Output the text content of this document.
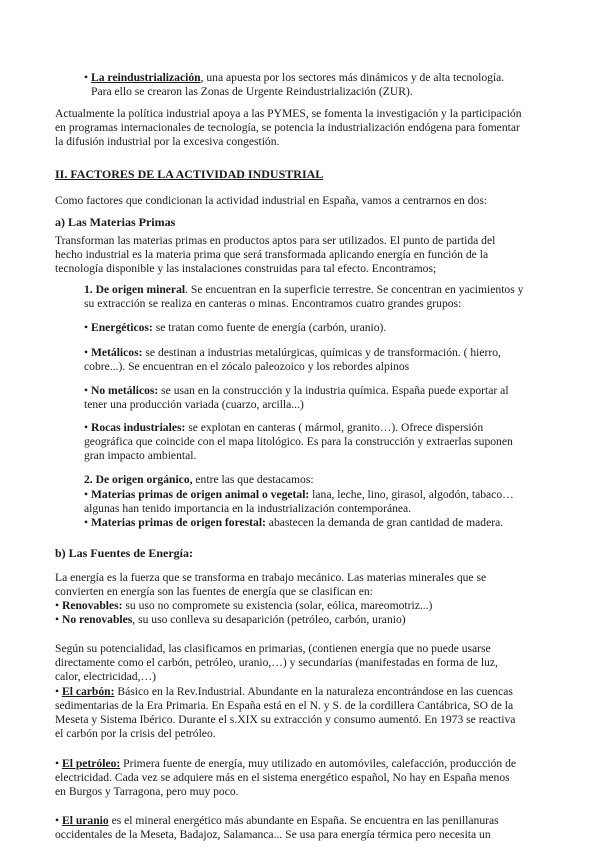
• La reindustrialización, una apuesta por los sectores más dinámicos y de alta tecnología.
Para ello se crearon las Zonas de Urgente Reindustrialización (ZUR).
Actualmente la política industrial apoya a las PYMES, se fomenta la investigación y la participación
en programas internacionales de tecnología, se potencia la industrialización endógena para fomentar
la difusión industrial por la excesiva congestión.
II. FACTORES DE LA ACTIVIDAD INDUSTRIAL
Como factores que condicionan la actividad industrial en España, vamos a centrarnos en dos:
a) Las Materias Primas
Transforman las materias primas en productos aptos para ser utilizados. El punto de partida del
hecho industrial es la materia prima que será transformada aplicando energía en función de la
tecnología disponible y las instalaciones construidas para tal efecto. Encontramos;
1. De origen mineral. Se encuentran en la superficie terrestre. Se concentran en yacimientos y
su extracción se realiza en canteras o minas. Encontramos cuatro grandes grupos:
• Energéticos: se tratan como fuente de energía (carbón, uranio).
• Metálicos: se destinan a industrias metalúrgicas, químicas y de transformación. ( hierro,
cobre...). Se encuentran en el zócalo paleozoico y los rebordes alpinos
• No metálicos: se usan en la construcción y la industria química. España puede exportar al
tener una producción variada (cuarzo, arcilla...)
• Rocas industriales: se explotan en canteras ( mármol, granito…). Ofrece dispersión
geográfica que coincide con el mapa litológico. Es para la construcción y extraerlas suponen
gran impacto ambiental.
2. De origen orgánico, entre las que destacamos:
• Materias primas de origen animal o vegetal: lana, leche, lino, girasol, algodón, tabaco…
algunas han tenido importancia en la industrialización contemporánea.
• Materias primas de origen forestal: abastecen la demanda de gran cantidad de madera.
b) Las Fuentes de Energía:
La energía es la fuerza que se transforma en trabajo mecánico. Las materias minerales que se
convierten en energía son las fuentes de energía que se clasifican en:
• Renovables: su uso no compromete su existencia (solar, eólica, mareomotriz...)
• No renovables, su uso conlleva su desaparición (petróleo, carbón, uranio)
Según su potencialidad, las clasificamos en primarias, (contienen energía que no puede usarse
directamente como el carbón, petróleo, uranio,…) y secundarias (manifestadas en forma de luz,
calor, electricidad,…)
• El carbón: Básico en la Rev.Industrial. Abundante en la naturaleza encontrándose en las cuencas
sedimentarias de la Era Primaria. En España está en el N. y S. de la cordillera Cantábrica, SO de la
Meseta y Sistema Ibérico. Durante el s.XIX su extracción y consumo aumentó. En 1973 se reactiva
el carbón por la crisis del petróleo.
• El petróleo: Primera fuente de energía, muy utilizado en automóviles, calefacción, producción de
electricidad. Cada vez se adquiere más en el sistema energético español, No hay en España menos
en Burgos y Tarragona, pero muy poco.
• El uranio es el mineral energético más abundante en España. Se encuentra en las penillanuras
occidentales de la Meseta, Badajoz, Salamanca... Se usa para energía térmica pero necesita un
